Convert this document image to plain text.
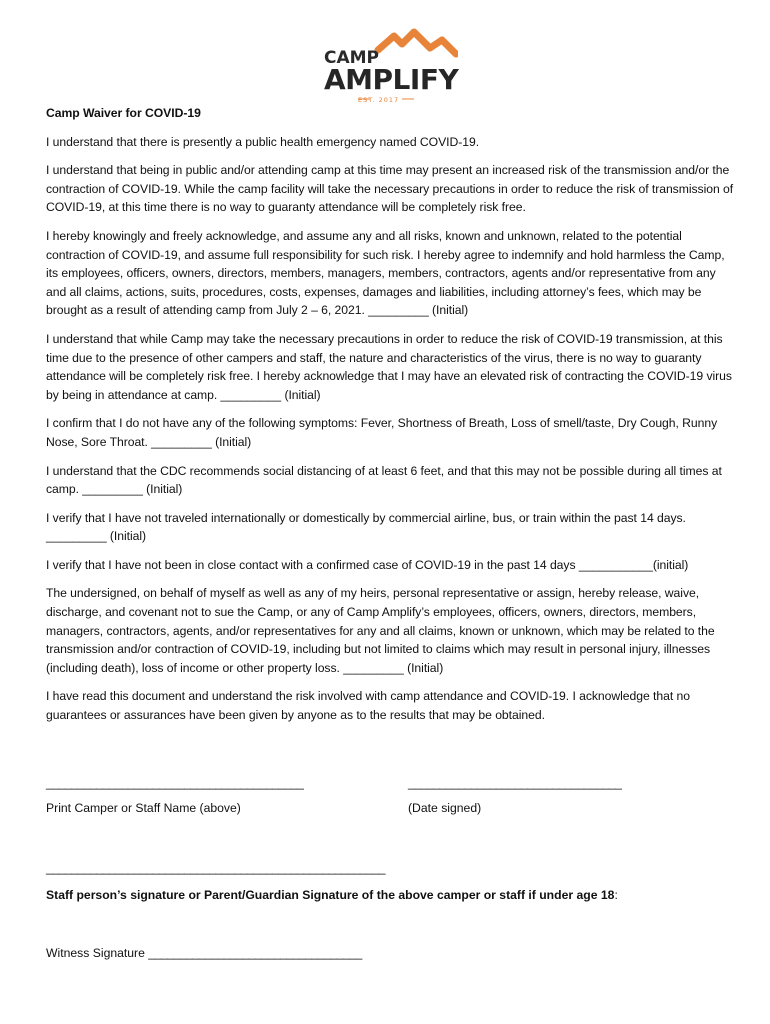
CAMP
AMPLIFY
EST. 2017

Camp Waiver for COVID-19

I understand that there is presently a public health emergency named COVID-19.

I understand that being in public and/or attending camp at this time may present an increased risk of the transmission and/or the contraction of COVID-19. While the camp facility will take the necessary precautions in order to reduce the risk of transmission of COVID-19, at this time there is no way to guaranty attendance will be completely risk free.

I hereby knowingly and freely acknowledge, and assume any and all risks, known and unknown, related to the potential contraction of COVID-19, and assume full responsibility for such risk. I hereby agree to indemnify and hold harmless the Camp, its employees, officers, owners, directors, members, managers, members, contractors, agents and/or representative from any and all claims, actions, suits, procedures, costs, expenses, damages and liabilities, including attorney’s fees, which may be brought as a result of attending camp from July 2 – 6, 2021. _________ (Initial)

I understand that while Camp may take the necessary precautions in order to reduce the risk of COVID-19 transmission, at this time due to the presence of other campers and staff, the nature and characteristics of the virus, there is no way to guaranty attendance will be completely risk free. I hereby acknowledge that I may have an elevated risk of contracting the COVID-19 virus by being in attendance at camp. _________ (Initial)

I confirm that I do not have any of the following symptoms: Fever, Shortness of Breath, Loss of smell/taste, Dry Cough, Runny Nose, Sore Throat. _________ (Initial)

I understand that the CDC recommends social distancing of at least 6 feet, and that this may not be possible during all times at camp. _________ (Initial)

I verify that I have not traveled internationally or domestically by commercial airline, bus, or train within the past 14 days. _________ (Initial)

I verify that I have not been in close contact with a confirmed case of COVID-19 in the past 14 days ___________(initial)

The undersigned, on behalf of myself as well as any of my heirs, personal representative or assign, hereby release, waive, discharge, and covenant not to sue the Camp, or any of Camp Amplify’s employees, officers, owners, directors, members, managers, contractors, agents, and/or representatives for any and all claims, known or unknown, which may be related to the transmission and/or contraction of COVID-19, including but not limited to claims which may result in personal injury, illnesses (including death), loss of income or other property loss. _________ (Initial)

I have read this document and understand the risk involved with camp attendance and COVID-19. I acknowledge that no guarantees or assurances have been given by anyone as to the results that may be obtained.

_________________________________________	__________________________________
Print Camper or Staff Name (above)	(Date signed)
______________________________________________________
Staff person’s signature or Parent/Guardian Signature of the above camper or staff if under age 18:
Witness Signature __________________________________
